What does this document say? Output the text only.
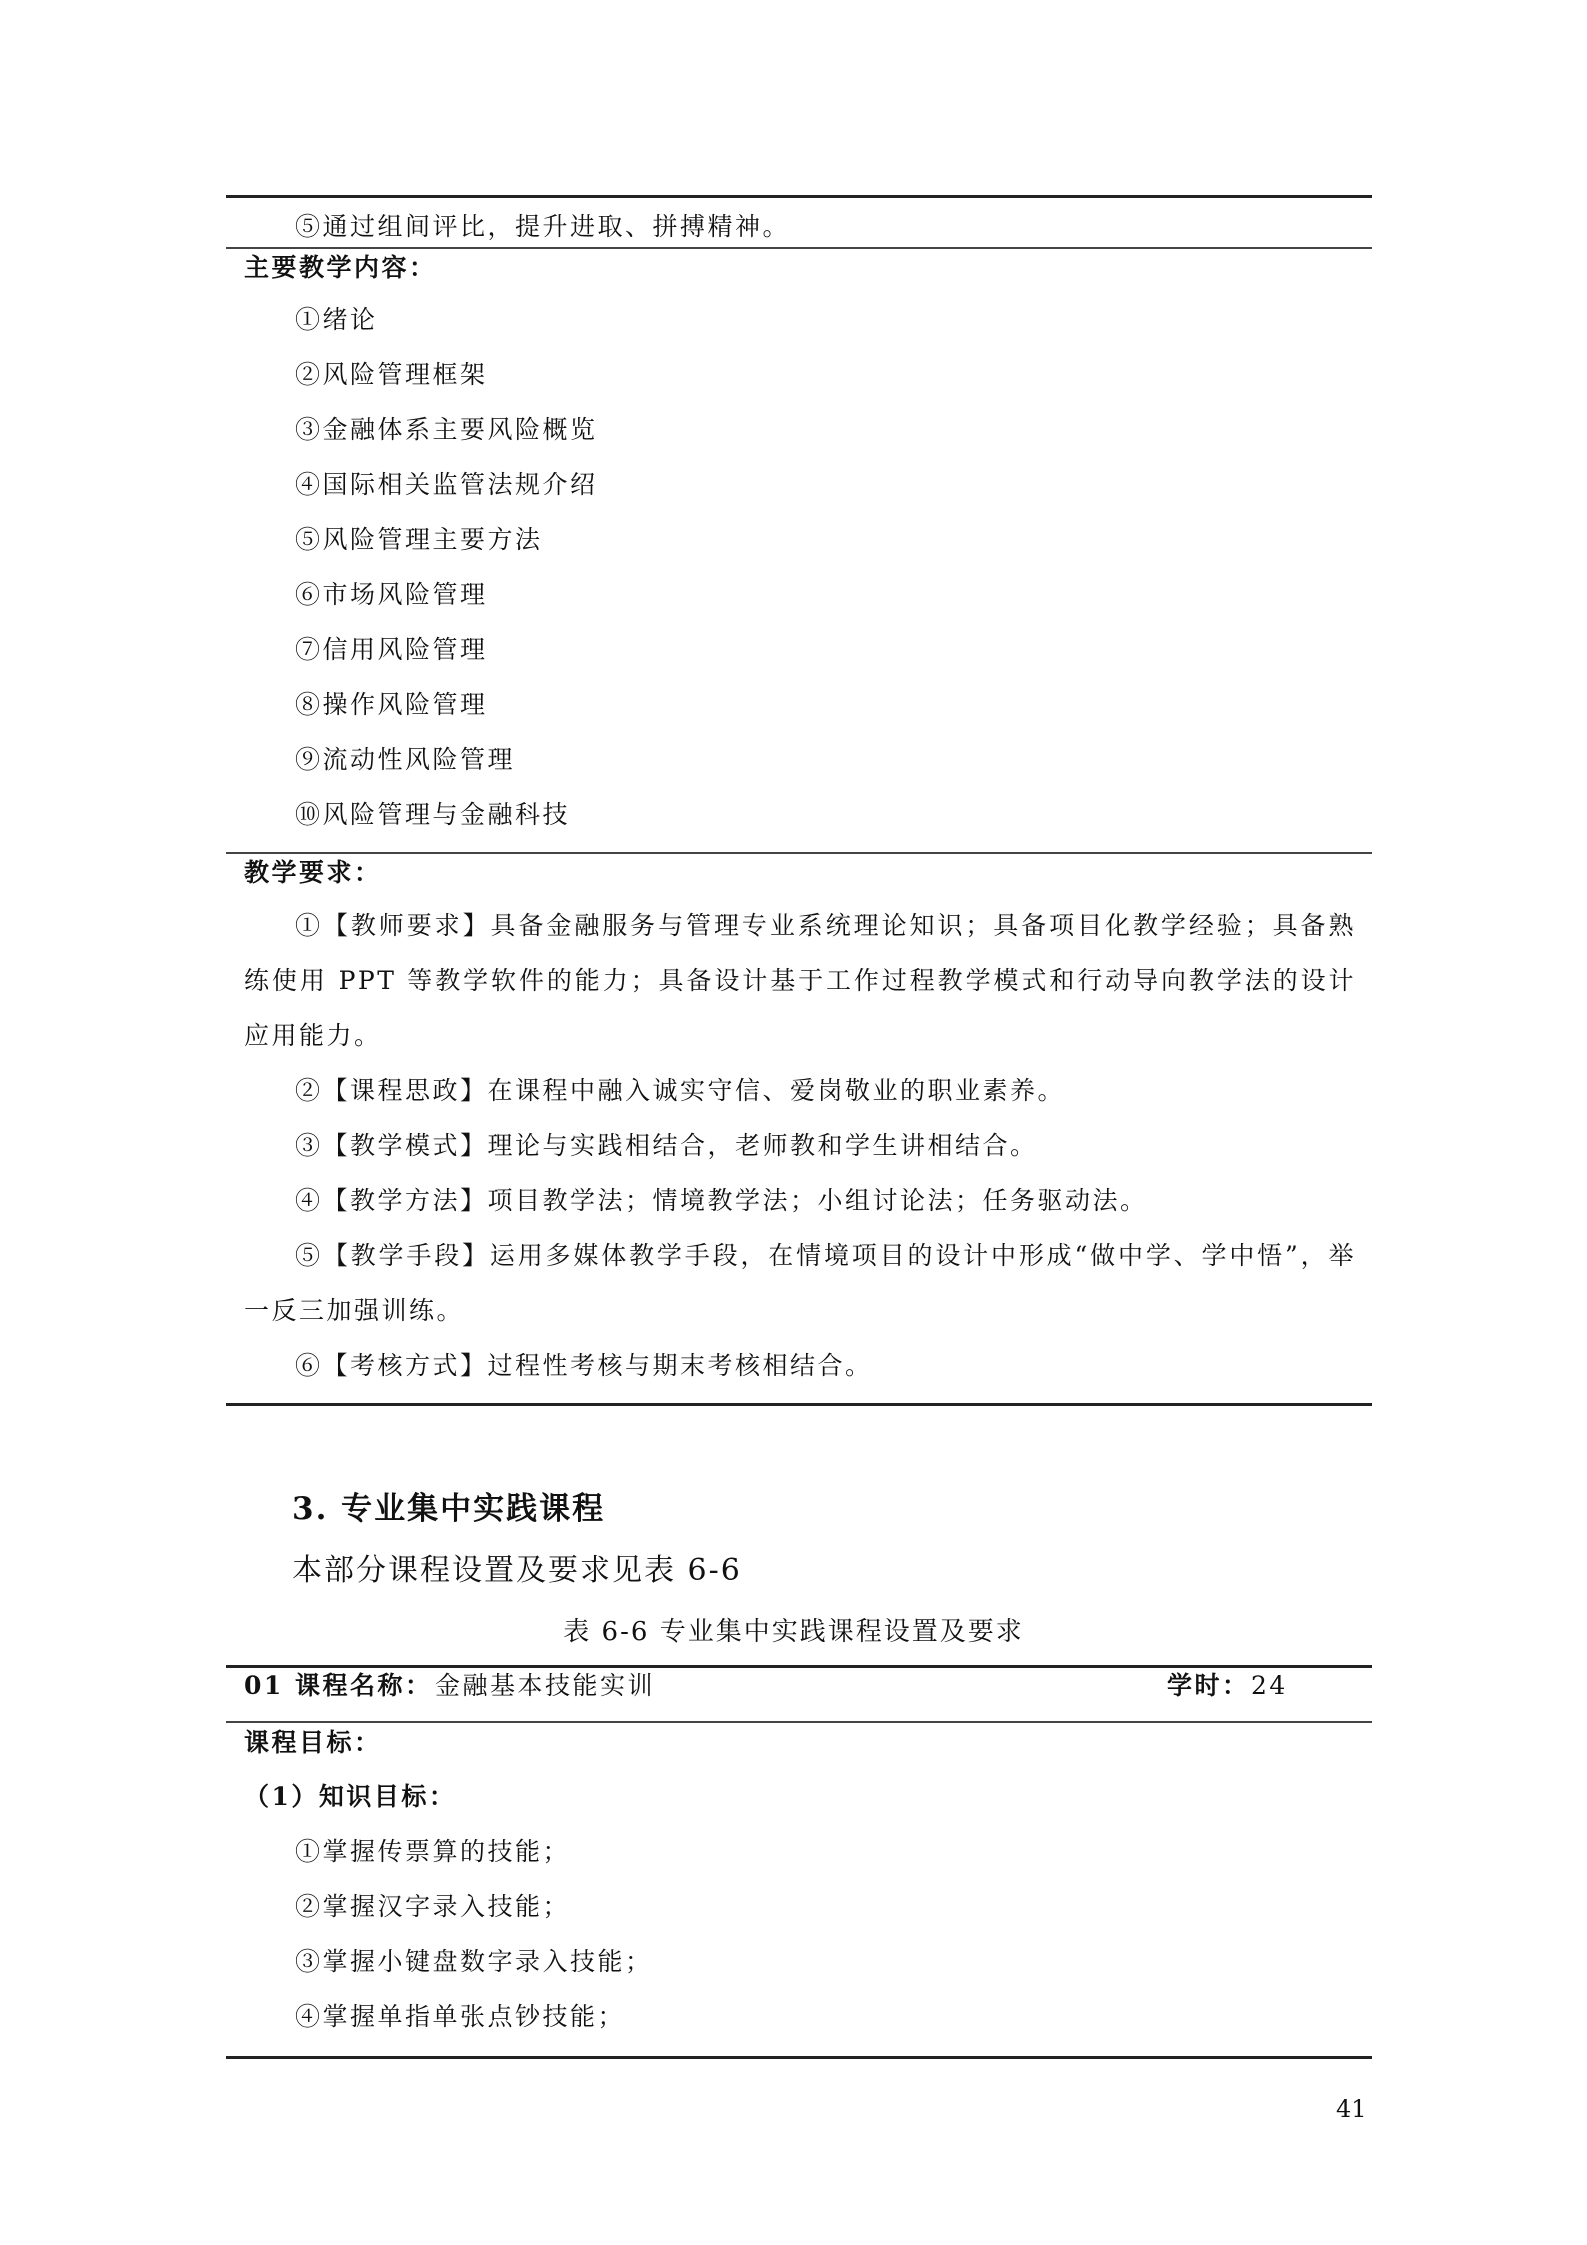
⑤通过组间评比，提升进取、拼搏精神。
主要教学内容：
①绪论
②风险管理框架
③金融体系主要风险概览
④国际相关监管法规介绍
⑤风险管理主要方法
⑥市场风险管理
⑦信用风险管理
⑧操作风险管理
⑨流动性风险管理
⑩风险管理与金融科技
教学要求：
①【教师要求】具备金融服务与管理专业系统理论知识；具备项目化教学经验；具备熟练使用 PPT 等教学软件的能力；具备设计基于工作过程教学模式和行动导向教学法的设计应用能力。
②【课程思政】在课程中融入诚实守信、爱岗敬业的职业素养。
③【教学模式】理论与实践相结合，老师教和学生讲相结合。
④【教学方法】项目教学法；情境教学法；小组讨论法；任务驱动法。
⑤【教学手段】运用多媒体教学手段，在情境项目的设计中形成“做中学、学中悟”，举一反三加强训练。
⑥【考核方式】过程性考核与期末考核相结合。
3. 专业集中实践课程
本部分课程设置及要求见表 6-6
表 6-6 专业集中实践课程设置及要求
01 课程名称： 金融基本技能实训	学时： 24
课程目标：
（1）知识目标：
①掌握传票算的技能；
②掌握汉字录入技能；
③掌握小键盘数字录入技能；
④掌握单指单张点钞技能；
41
